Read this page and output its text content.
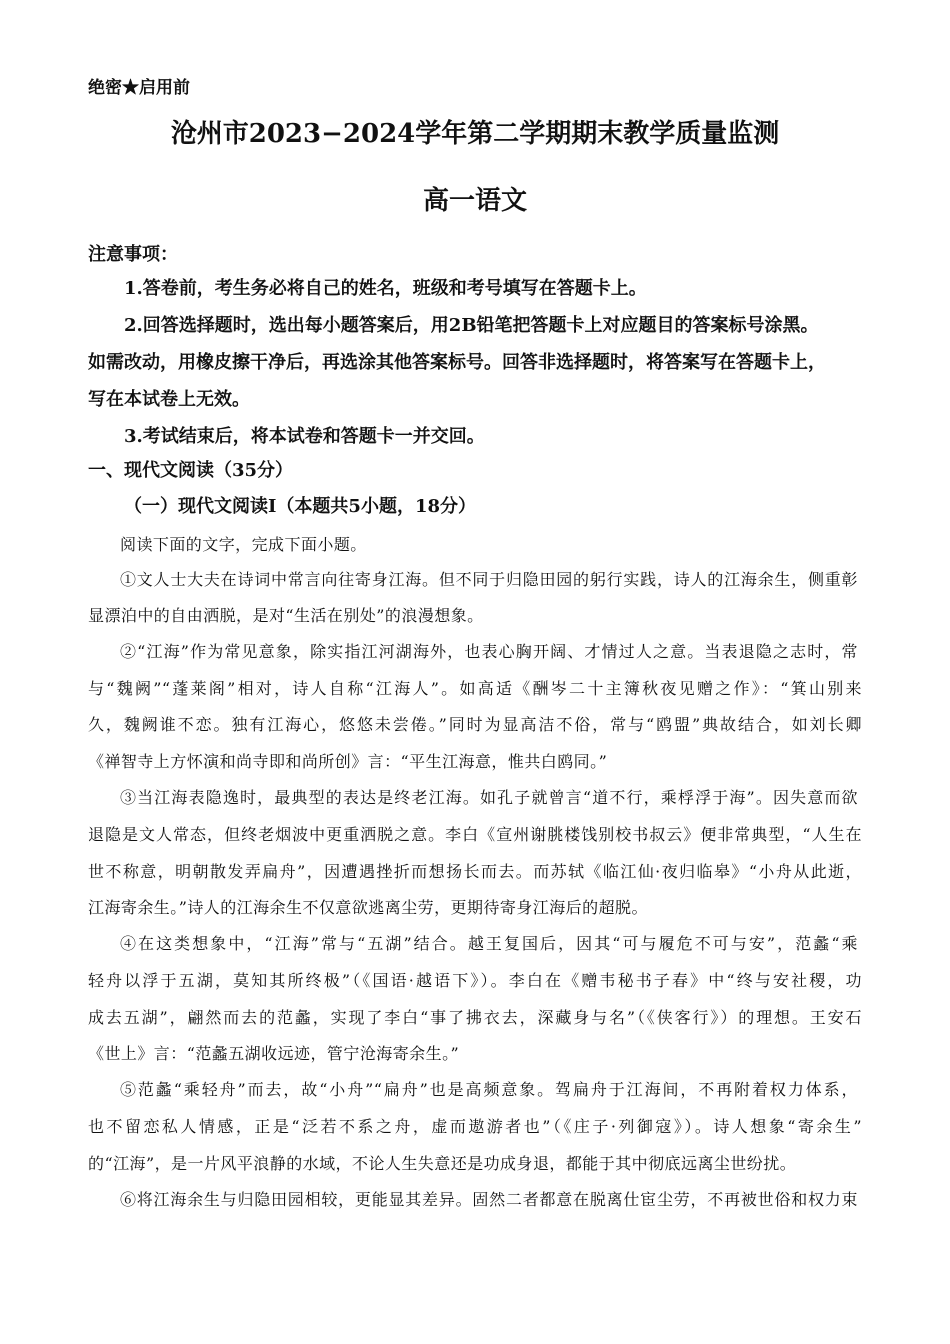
绝密★启用前
沧州市2023−2024学年第二学期期末教学质量监测
高一语文
注意事项：
1.答卷前，考生务必将自己的姓名，班级和考号填写在答题卡上。
2.回答选择题时，选出每小题答案后，用2B铅笔把答题卡上对应题目的答案标号涂黑。
如需改动，用橡皮擦干净后，再选涂其他答案标号。回答非选择题时，将答案写在答题卡上，
写在本试卷上无效。
3.考试结束后，将本试卷和答题卡一并交回。
一、现代文阅读（35分）
（一）现代文阅读Ⅰ（本题共5小题，18分）
阅读下面的文字，完成下面小题。
①文人士大夫在诗词中常言向往寄身江海。但不同于归隐田园的躬行实践，诗人的江海余生，侧重彰
显漂泊中的自由洒脱，是对“生活在别处”的浪漫想象。
②“江海”作为常见意象，除实指江河湖海外，也表心胸开阔、才情过人之意。当表退隐之志时，常
与“魏阙”“蓬莱阁”相对，诗人自称“江海人”。如高适《酬岑二十主簿秋夜见赠之作》：“箕山别来
久，魏阙谁不恋。独有江海心，悠悠未尝倦。”同时为显高洁不俗，常与“鸥盟”典故结合，如刘长卿
《禅智寺上方怀演和尚寺即和尚所创》言：“平生江海意，惟共白鸥同。”
③当江海表隐逸时，最典型的表达是终老江海。如孔子就曾言“道不行，乘桴浮于海”。因失意而欲
退隐是文人常态，但终老烟波中更重洒脱之意。李白《宣州谢朓楼饯别校书叔云》便非常典型，“人生在
世不称意，明朝散发弄扁舟”，因遭遇挫折而想扬长而去。而苏轼《临江仙·夜归临皋》“小舟从此逝，
江海寄余生。”诗人的江海余生不仅意欲逃离尘劳，更期待寄身江海后的超脱。
④在这类想象中，“江海”常与“五湖”结合。越王复国后，因其“可与履危不可与安”，范蠡“乘
轻舟以浮于五湖，莫知其所终极”（《国语·越语下》）。李白在《赠韦秘书子春》中“终与安社稷，功
成去五湖”，翩然而去的范蠡，实现了李白“事了拂衣去，深藏身与名”（《侠客行》）的理想。王安石
《世上》言：“范蠡五湖收远迹，管宁沧海寄余生。”
⑤范蠡“乘轻舟”而去，故“小舟”“扁舟”也是高频意象。驾扁舟于江海间，不再附着权力体系，
也不留恋私人情感，正是“泛若不系之舟，虚而遨游者也”（《庄子·列御寇》）。诗人想象“寄余生”
的“江海”，是一片风平浪静的水域，不论人生失意还是功成身退，都能于其中彻底远离尘世纷扰。
⑥将江海余生与归隐田园相较，更能显其差异。固然二者都意在脱离仕宦尘劳，不再被世俗和权力束
